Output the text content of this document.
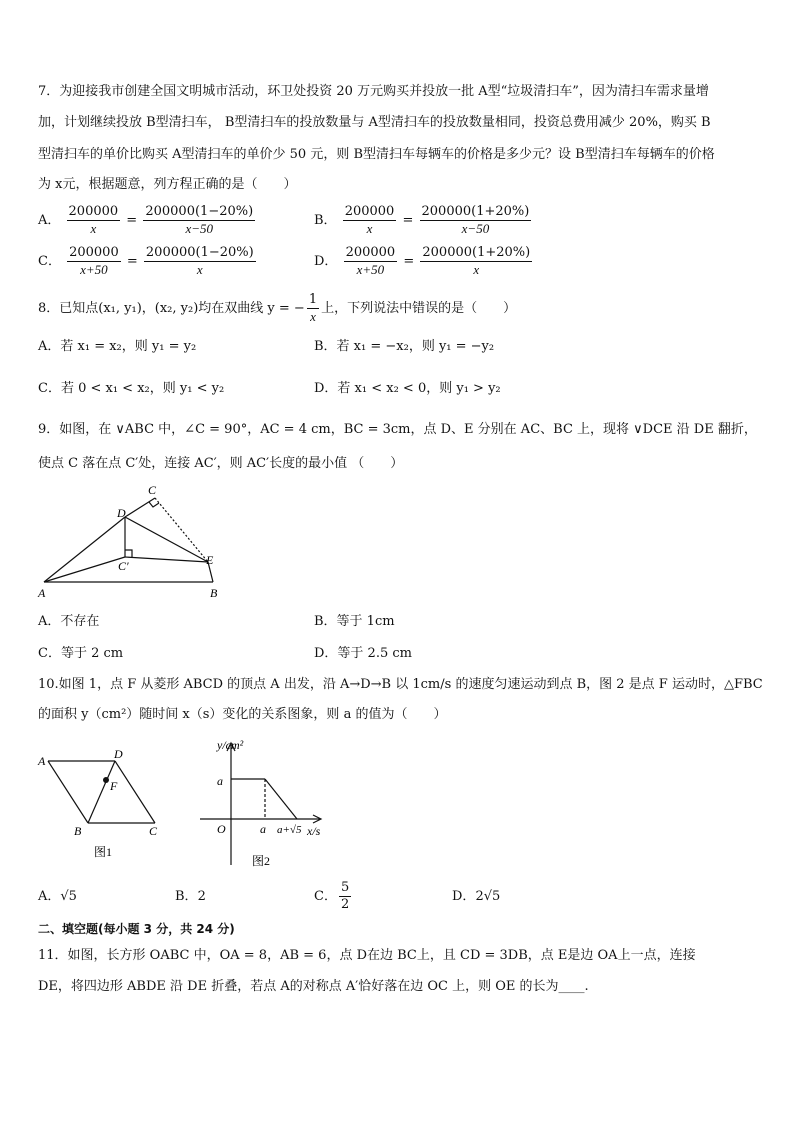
7．为迎接我市创建全国文明城市活动，环卫处投资 20 万元购买并投放一批 A型“垃圾清扫车”，因为清扫车需求量增
加，计划继续投放 B型清扫车， B型清扫车的投放数量与 A型清扫车的投放数量相同，投资总费用减少 20%，购买 B
型清扫车的单价比购买 A型清扫车的单价少 50 元，则 B型清扫车每辆车的价格是多少元？设 B型清扫车每辆车的价格
为 x元，根据题意，列方程正确的是（　　）
A． $\frac{200000}{x} = \frac{200000(1-20\%)}{x-50}$	B． $\frac{200000}{x} = \frac{200000(1+20\%)}{x-50}$
C． $\frac{200000}{x+50} = \frac{200000(1-20\%)}{x}$	D． $\frac{200000}{x+50} = \frac{200000(1+20\%)}{x}$
8．已知点(x₁, y₁)，(x₂, y₂)均在双曲线 y = − $\frac{1}{x}$ 上，下列说法中错误的是（　　）
A．若 x₁ = x₂，则 y₁ = y₂	B．若 x₁ = −x₂，则 y₁ = −y₂
C．若 0 < x₁ < x₂，则 y₁ < y₂	D．若 x₁ < x₂ < 0，则 y₁ > y₂
9．如图，在 ∨ABC 中，∠C = 90°，AC = 4 cm，BC = 3cm，点 D、E 分别在 AC、BC 上，现将 ∨DCE 沿 DE 翻折，
使点 C 落在点 C′处，连接 AC′，则 AC′长度的最小值 （　　）
A	B
C
D
E
C′
A．不存在	B．等于 1cm
C．等于 2 cm	D．等于 2.5 cm
10.如图 1，点 F 从菱形 ABCD 的顶点 A 出发，沿 A→D→B 以 1cm/s 的速度匀速运动到点 B，图 2 是点 F 运动时，△FBC
的面积 y（cm²）随时间 x（s）变化的关系图象，则 a 的值为（　　）
A	D
F
B	C
图1
y/cm²
x/s
a
O	a a+√5
图2
A．√5	B．2	C． $\frac{5}{2}$	D．2√5
二、填空题(每小题 3 分，共 24 分)
11．如图，长方形 OABC 中，OA = 8，AB = 6，点 D在边 BC上，且 CD = 3DB，点 E是边 OA上一点，连接
DE，将四边形 ABDE 沿 DE 折叠，若点 A的对称点 A′恰好落在边 OC 上，则 OE 的长为____.
